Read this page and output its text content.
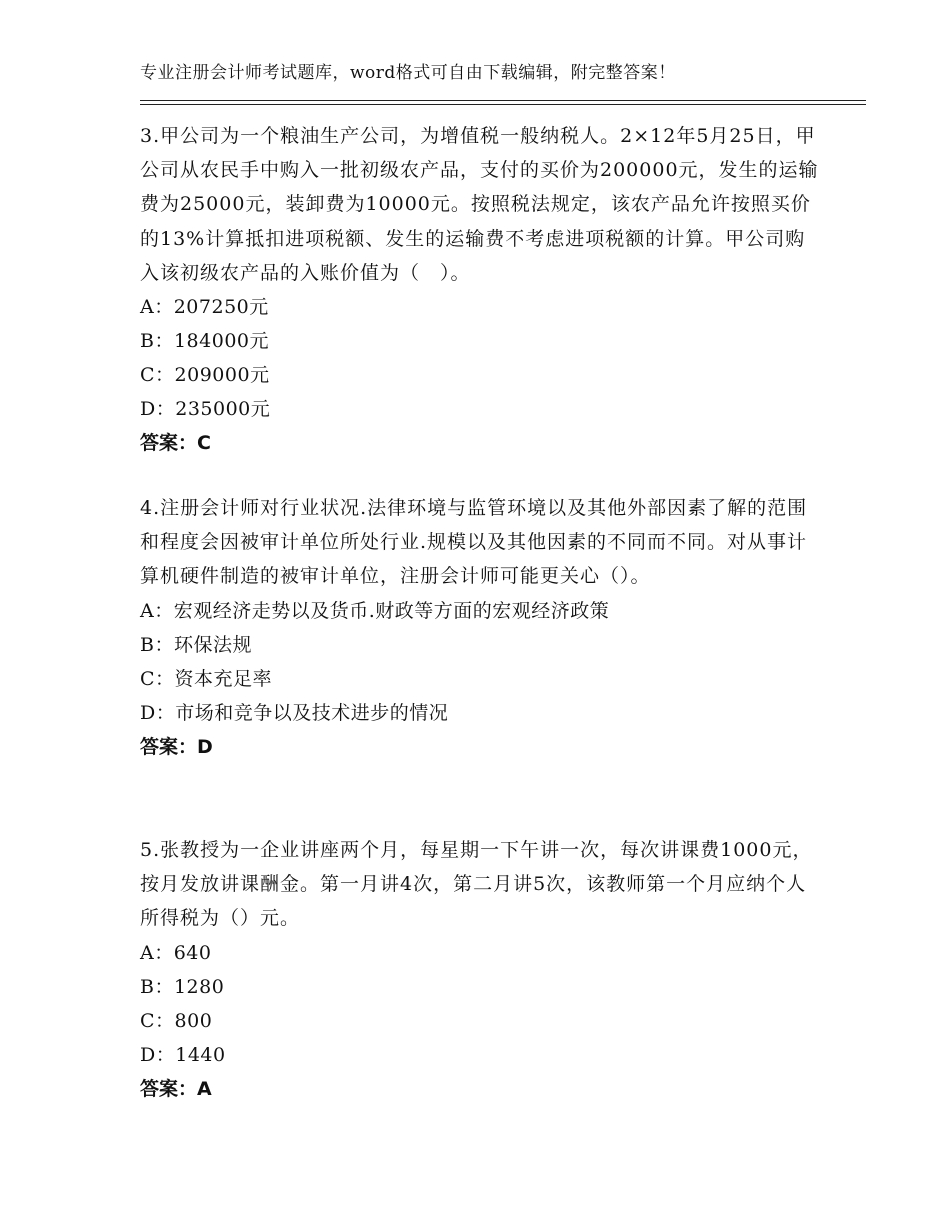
专业注册会计师考试题库，word格式可自由下载编辑，附完整答案！

3.甲公司为一个粮油生产公司，为增值税一般纳税人。2×12年5月25日，甲公司从农民手中购入一批初级农产品，支付的买价为200000元，发生的运输费为25000元，装卸费为10000元。按照税法规定，该农产品允许按照买价的13%计算抵扣进项税额、发生的运输费不考虑进项税额的计算。甲公司购入该初级农产品的入账价值为（　）。

A：207250元
B：184000元
C：209000元
D：235000元
答案：C

4.注册会计师对行业状况.法律环境与监管环境以及其他外部因素了解的范围和程度会因被审计单位所处行业.规模以及其他因素的不同而不同。对从事计算机硬件制造的被审计单位，注册会计师可能更关心（）。

A：宏观经济走势以及货币.财政等方面的宏观经济政策
B：环保法规
C：资本充足率
D：市场和竞争以及技术进步的情况
答案：D

5.张教授为一企业讲座两个月，每星期一下午讲一次，每次讲课费1000元，按月发放讲课酬金。第一月讲4次，第二月讲5次，该教师第一个月应纳个人所得税为（）元。

A：640
B：1280
C：800
D：1440
答案：A
